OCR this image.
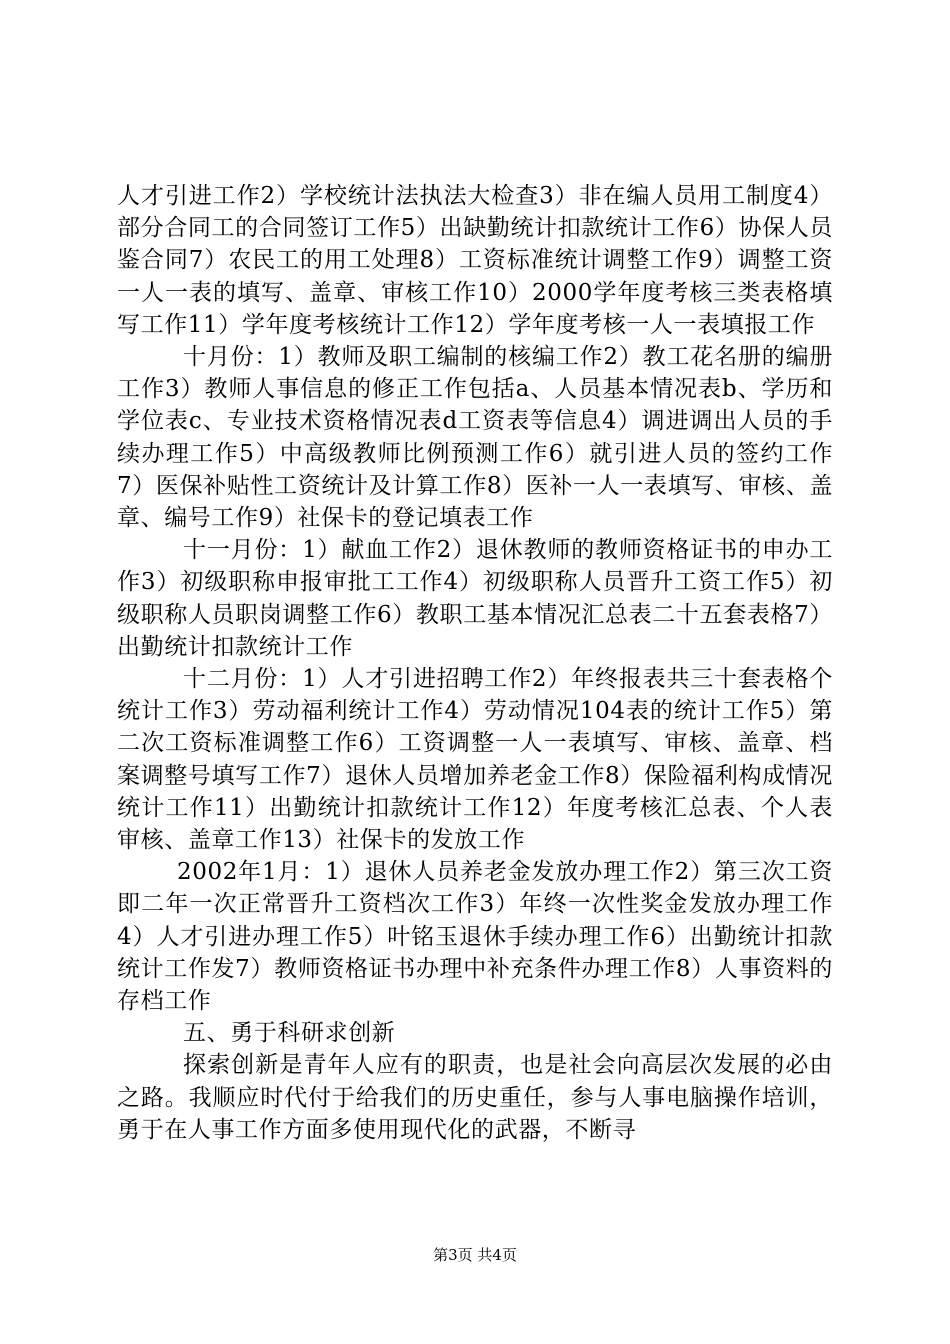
人才引进工作2）学校统计法执法大检查3）非在编人员用工制度4）部分合同工的合同签订工作5）出缺勤统计扣款统计工作6）协保人员鉴合同7）农民工的用工处理8）工资标准统计调整工作9）调整工资一人一表的填写、盖章、审核工作10）2000学年度考核三类表格填写工作11）学年度考核统计工作12）学年度考核一人一表填报工作

十月份：1）教师及职工编制的核编工作2）教工花名册的编册工作3）教师人事信息的修正工作包括a、人员基本情况表b、学历和学位表c、专业技术资格情况表d工资表等信息4）调进调出人员的手续办理工作5）中高级教师比例预测工作6）就引进人员的签约工作7）医保补贴性工资统计及计算工作8）医补一人一表填写、审核、盖章、编号工作9）社保卡的登记填表工作

十一月份：1）献血工作2）退休教师的教师资格证书的申办工作3）初级职称申报审批工工作4）初级职称人员晋升工资工作5）初级职称人员职岗调整工作6）教职工基本情况汇总表二十五套表格7）出勤统计扣款统计工作

十二月份：1）人才引进招聘工作2）年终报表共三十套表格个统计工作3）劳动福利统计工作4）劳动情况104表的统计工作5）第二次工资标准调整工作6）工资调整一人一表填写、审核、盖章、档案调整号填写工作7）退休人员增加养老金工作8）保险福利构成情况统计工作11）出勤统计扣款统计工作12）年度考核汇总表、个人表审核、盖章工作13）社保卡的发放工作

2002年1月：1）退休人员养老金发放办理工作2）第三次工资即二年一次正常晋升工资档次工作3）年终一次性奖金发放办理工作4）人才引进办理工作5）叶铭玉退休手续办理工作6）出勤统计扣款统计工作发7）教师资格证书办理中补充条件办理工作8）人事资料的存档工作

五、勇于科研求创新

探索创新是青年人应有的职责，也是社会向高层次发展的必由之路。我顺应时代付于给我们的历史重任，参与人事电脑操作培训，勇于在人事工作方面多使用现代化的武器，不断寻

第3页 共4页
